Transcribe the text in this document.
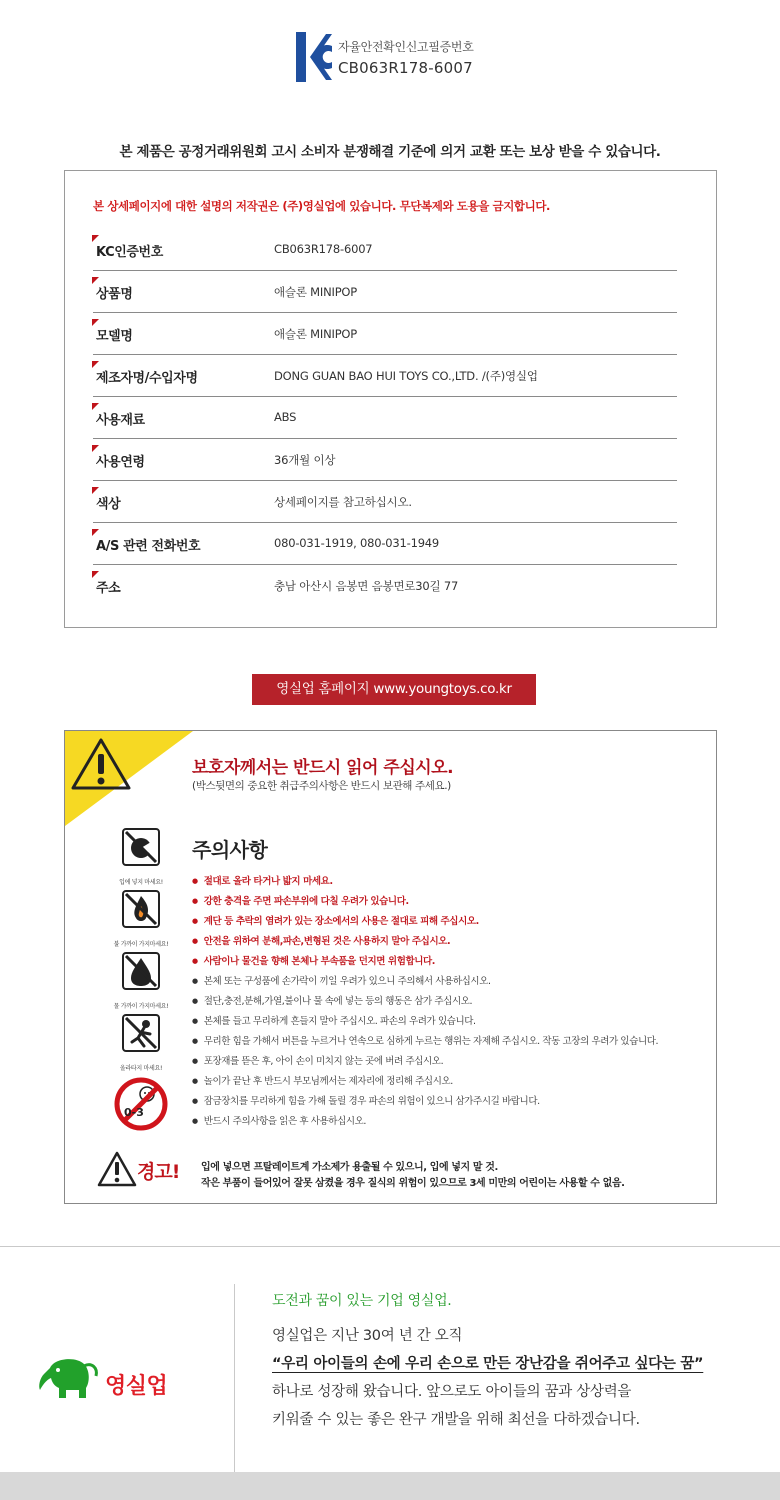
자율안전확인신고필증번호
CB063R178-6007
본 제품은 공정거래위원회 고시 소비자 분쟁해결 기준에 의거 교환 또는 보상 받을 수 있습니다.
본 상세페이지에 대한 설명의 저작권은 (주)영실업에 있습니다. 무단복제와 도용을 금지합니다.
KC인증번호	CB063R178-6007
상품명	애슬론 MINIPOP
모델명	애슬론 MINIPOP
제조자명/수입자명	DONG GUAN BAO HUI TOYS CO.,LTD. /(주)영실업
사용재료	ABS
사용연령	36개월 이상
색상	상세페이지를 참고하십시오.
A/S 관련 전화번호	080-031-1919, 080-031-1949
주소	충남 아산시 음봉면 음봉면로30길 77
영실업 홈페이지 www.youngtoys.co.kr
보호자께서는 반드시 읽어 주십시오.
(박스뒷면의 중요한 취급주의사항은 반드시 보관해 주세요.)
주의사항
입에 넣지 마세요!
불 가까이 가지마세요!
물 가까이 가지마세요!
올라타지 마세요!
0-3
● 절대로 올라 타거나 밟지 마세요.
● 강한 충격을 주면 파손부위에 다칠 우려가 있습니다.
● 계단 등 추락의 염려가 있는 장소에서의 사용은 절대로 피해 주십시오.
● 안전을 위하여 분해,파손,변형된 것은 사용하지 말아 주십시오.
● 사람이나 물건을 향해 본체나 부속품을 던지면 위험합니다.
● 본체 또는 구성품에 손가락이 끼일 우려가 있으니 주의해서 사용하십시오.
● 절단,충전,분해,가열,불이나 물 속에 넣는 등의 행동은 삼가 주십시오.
● 본체를 들고 무리하게 흔들지 말아 주십시오. 파손의 우려가 있습니다.
● 무리한 힘을 가해서 버튼을 누르거나 연속으로 심하게 누르는 행위는 자제해 주십시오. 작동 고장의 우려가 있습니다.
● 포장재를 뜯은 후, 아이 손이 미치지 않는 곳에 버려 주십시오.
● 놀이가 끝난 후 반드시 부모님께서는 제자리에 정리해 주십시오.
● 잠금장치를 무리하게 힘을 가해 돌릴 경우 파손의 위험이 있으니 삼가주시길 바랍니다.
● 반드시 주의사항을 읽은 후 사용하십시오.
경고! 입에 넣으면 프탈레이트계 가소제가 용출될 수 있으니, 입에 넣지 말 것.
작은 부품이 들어있어 잘못 삼켰을 경우 질식의 위험이 있으므로 3세 미만의 어린이는 사용할 수 없음.
영실업
도전과 꿈이 있는 기업 영실업.
영실업은 지난 30여 년 간 오직
“우리 아이들의 손에 우리 손으로 만든 장난감을 쥐어주고 싶다는 꿈”
하나로 성장해 왔습니다. 앞으로도 아이들의 꿈과 상상력을
키워줄 수 있는 좋은 완구 개발을 위해 최선을 다하겠습니다.
